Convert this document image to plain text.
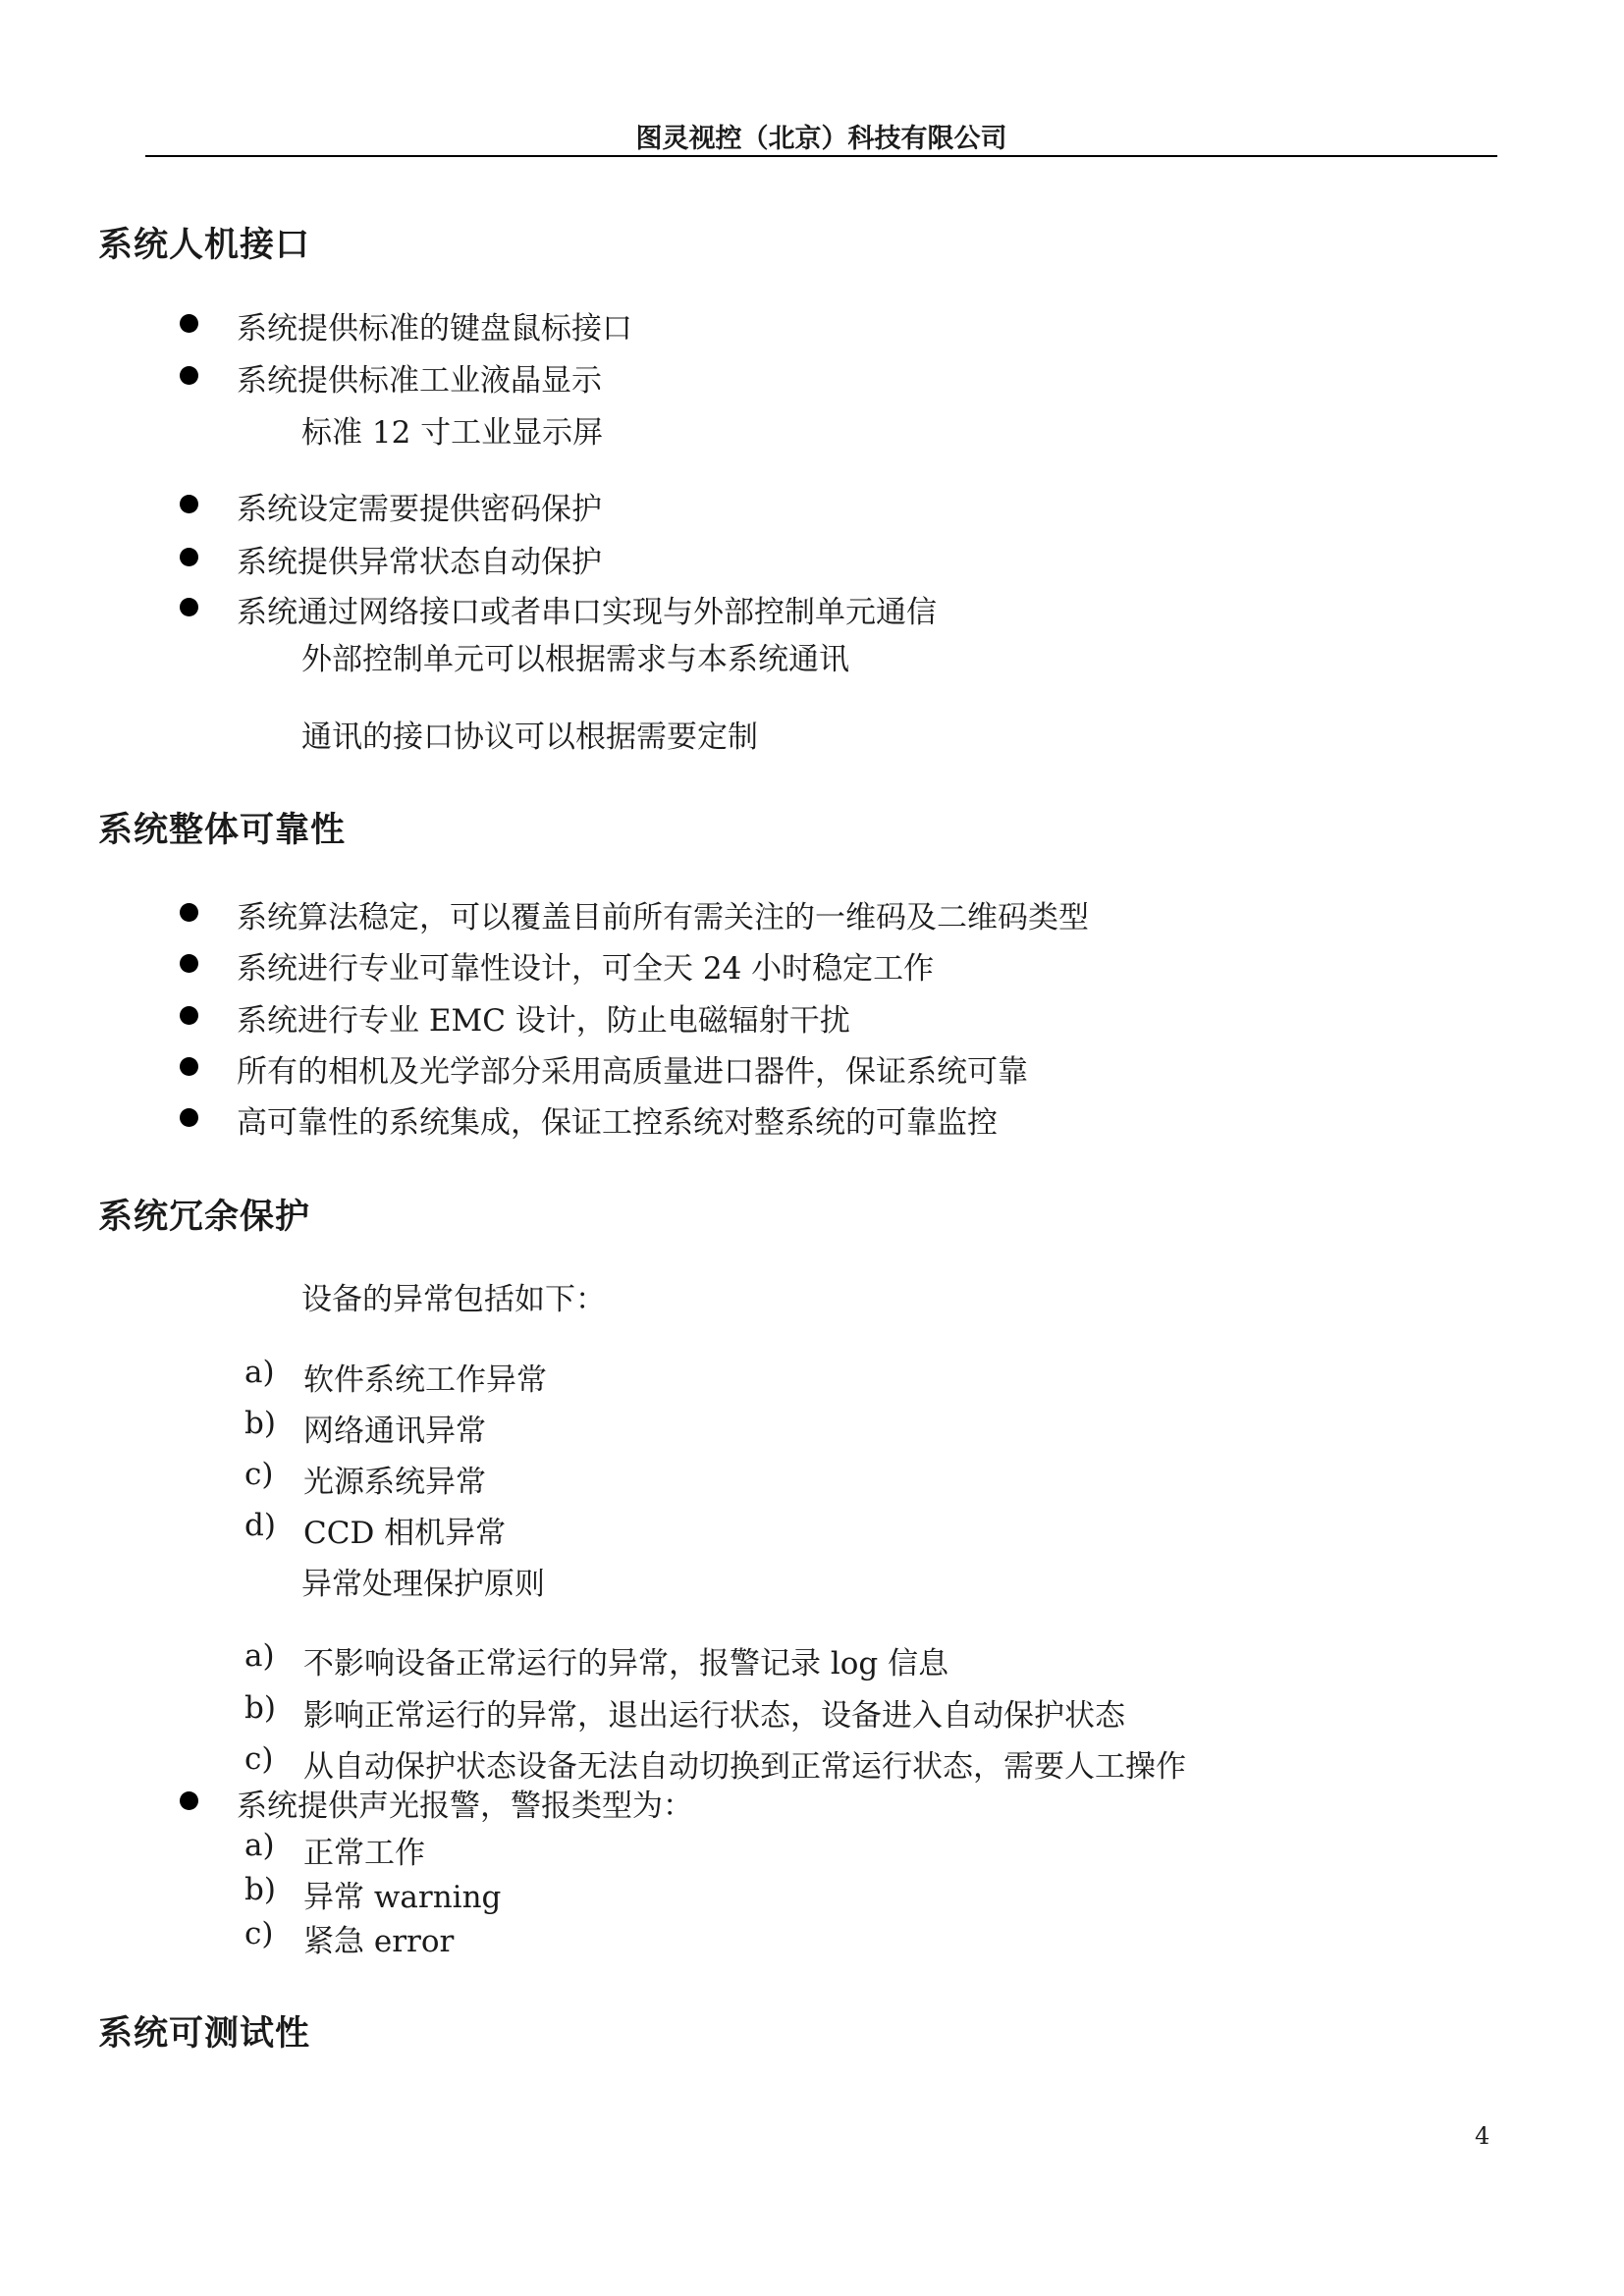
图灵视控（北京）科技有限公司
系统人机接口
系统提供标准的键盘鼠标接口
系统提供标准工业液晶显示
标准 12 寸工业显示屏
系统设定需要提供密码保护
系统提供异常状态自动保护
系统通过网络接口或者串口实现与外部控制单元通信
外部控制单元可以根据需求与本系统通讯
通讯的接口协议可以根据需要定制
系统整体可靠性
系统算法稳定，可以覆盖目前所有需关注的一维码及二维码类型
系统进行专业可靠性设计，可全天 24 小时稳定工作
系统进行专业 EMC 设计，防止电磁辐射干扰
所有的相机及光学部分采用高质量进口器件，保证系统可靠
高可靠性的系统集成，保证工控系统对整系统的可靠监控
系统冗余保护
设备的异常包括如下：
a) 软件系统工作异常
b) 网络通讯异常
c) 光源系统异常
d) CCD 相机异常
异常处理保护原则
a) 不影响设备正常运行的异常，报警记录 log 信息
b) 影响正常运行的异常，退出运行状态，设备进入自动保护状态
c) 从自动保护状态设备无法自动切换到正常运行状态，需要人工操作
系统提供声光报警，警报类型为：
a) 正常工作
b) 异常 warning
c) 紧急 error
系统可测试性
4
